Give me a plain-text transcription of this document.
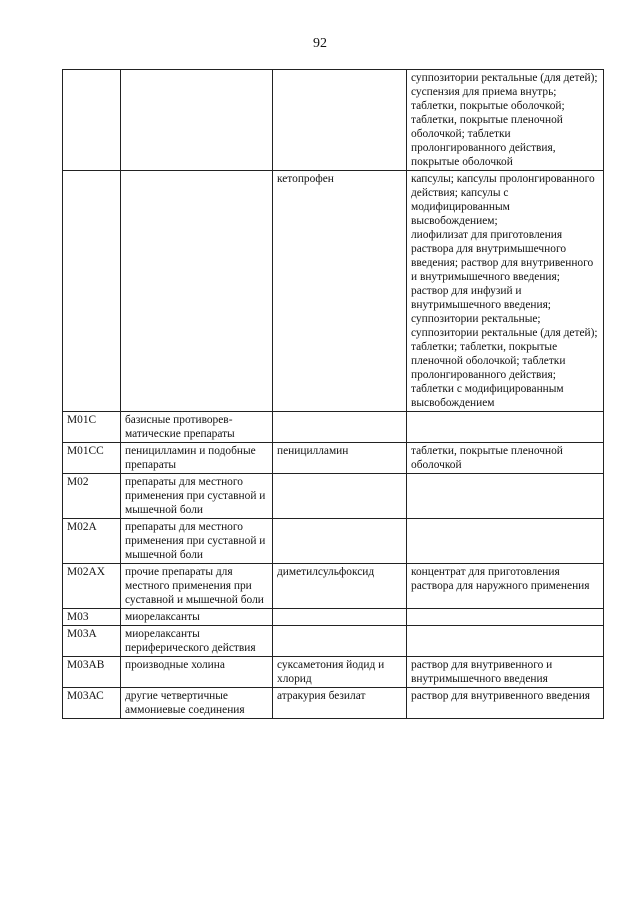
92
			суппозитории ректальные (для детей); суспензия для приема внутрь;
таблетки, покрытые оболочкой; таблетки, покрытые пленочной оболочкой; таблетки пролонгированного действия, покрытые оболочкой
		кетопрофен	капсулы; капсулы пролонгированного действия; капсулы с модифицированным высвобождением;
лиофилизат для приготовления раствора для внутримышечного введения; раствор для внутривенного и внутримышечного введения;
раствор для инфузий и внутримышечного введения;
суппозитории ректальные; суппозитории ректальные (для детей);
таблетки; таблетки, покрытые пленочной оболочкой; таблетки пролонгированного действия; таблетки с модифицированным высвобождением
М01С	базисные противорев-матические препараты		
М01СС	пеницилламин и подобные препараты	пеницилламин	таблетки, покрытые пленочной оболочкой
М02	препараты для местного применения при суставной и мышечной боли		
М02А	препараты для местного применения при суставной и мышечной боли		
М02АХ	прочие препараты для местного применения при суставной и мышечной боли	диметилсульфоксид	концентрат для приготовления раствора для наружного применения
М03	миорелаксанты		
М03А	миорелаксанты периферического действия		
М03АВ	производные холина	суксаметония йодид и хлорид	раствор для внутривенного и внутримышечного введения
М03АС	другие четвертичные аммониевые соединения	атракурия безилат	раствор для внутривенного введения
